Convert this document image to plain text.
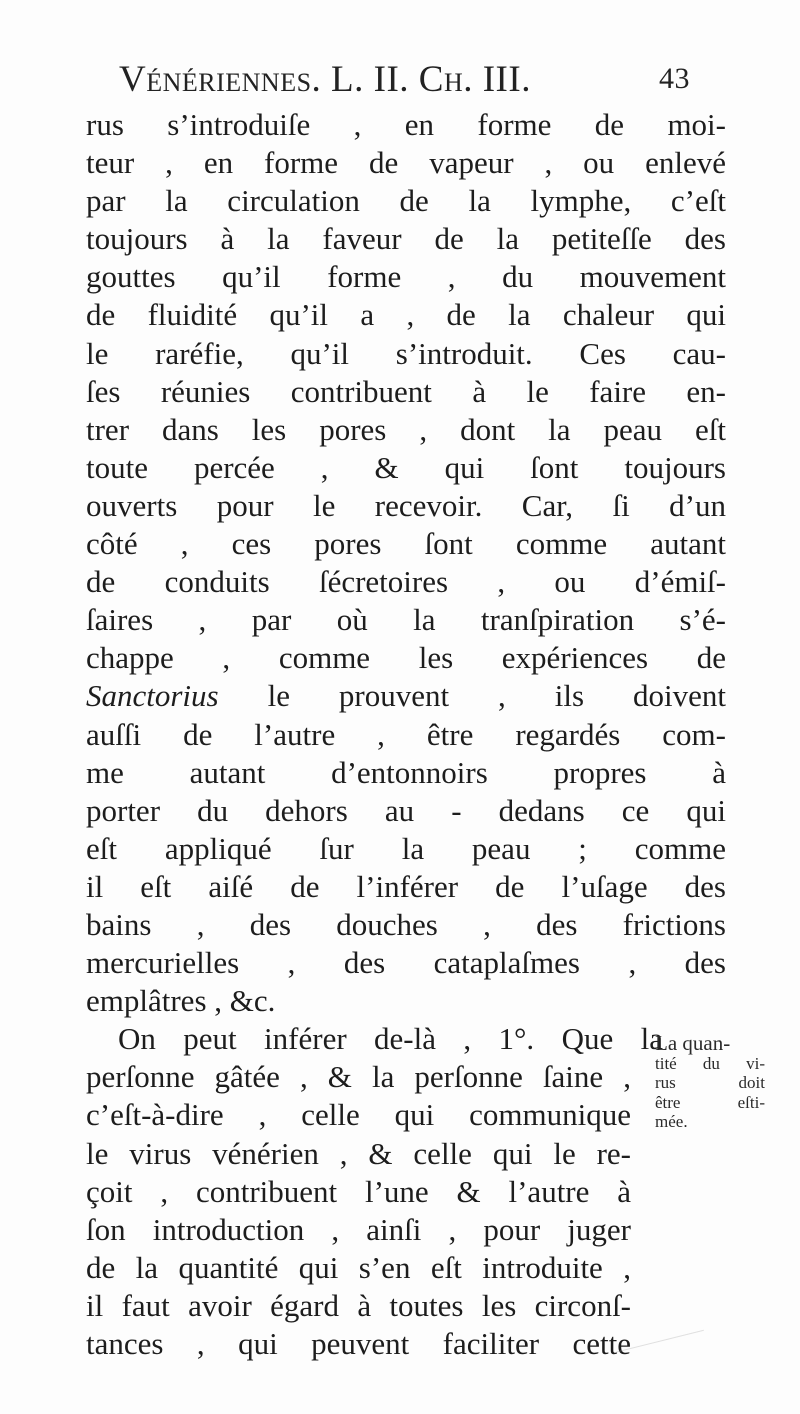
Vénériennes. L. II. Ch. III.	43
rus s’introduiſe , en forme de moi-
teur , en forme de vapeur , ou enlevé
par la circulation de la lymphe, c’eſt
toujours à la faveur de la petiteſſe des
gouttes qu’il forme , du mouvement
de fluidité qu’il a , de la chaleur qui
le raréfie, qu’il s’introduit. Ces cau-
ſes réunies contribuent à le faire en-
trer dans les pores , dont la peau eſt
toute percée , & qui ſont toujours
ouverts pour le recevoir. Car, ſi d’un
côté , ces pores ſont comme autant
de conduits ſécretoires , ou d’émiſ-
ſaires , par où la tranſpiration s’é-
chappe , comme les expériences de
Sanctorius le prouvent , ils doivent
auſſi de l’autre , être regardés com-
me autant d’entonnoirs propres à
porter du dehors au - dedans ce qui
eſt appliqué ſur la peau ; comme
il eſt aiſé de l’inférer de l’uſage des
bains , des douches , des frictions
mercurielles , des cataplaſmes , des
emplâtres , &c.
On peut inférer de-là , 1°. Que la
perſonne gâtée , & la perſonne ſaine ,
c’eſt-à-dire , celle qui communique
le virus vénérien , & celle qui le re-
çoit , contribuent l’une & l’autre à
ſon introduction , ainſi , pour juger
de la quantité qui s’en eſt introduite ,
il faut avoir égard à toutes les circonſ-
tances , qui peuvent faciliter cette
La quan-
tité du vi-
rus doit
être eſti-
mée.
